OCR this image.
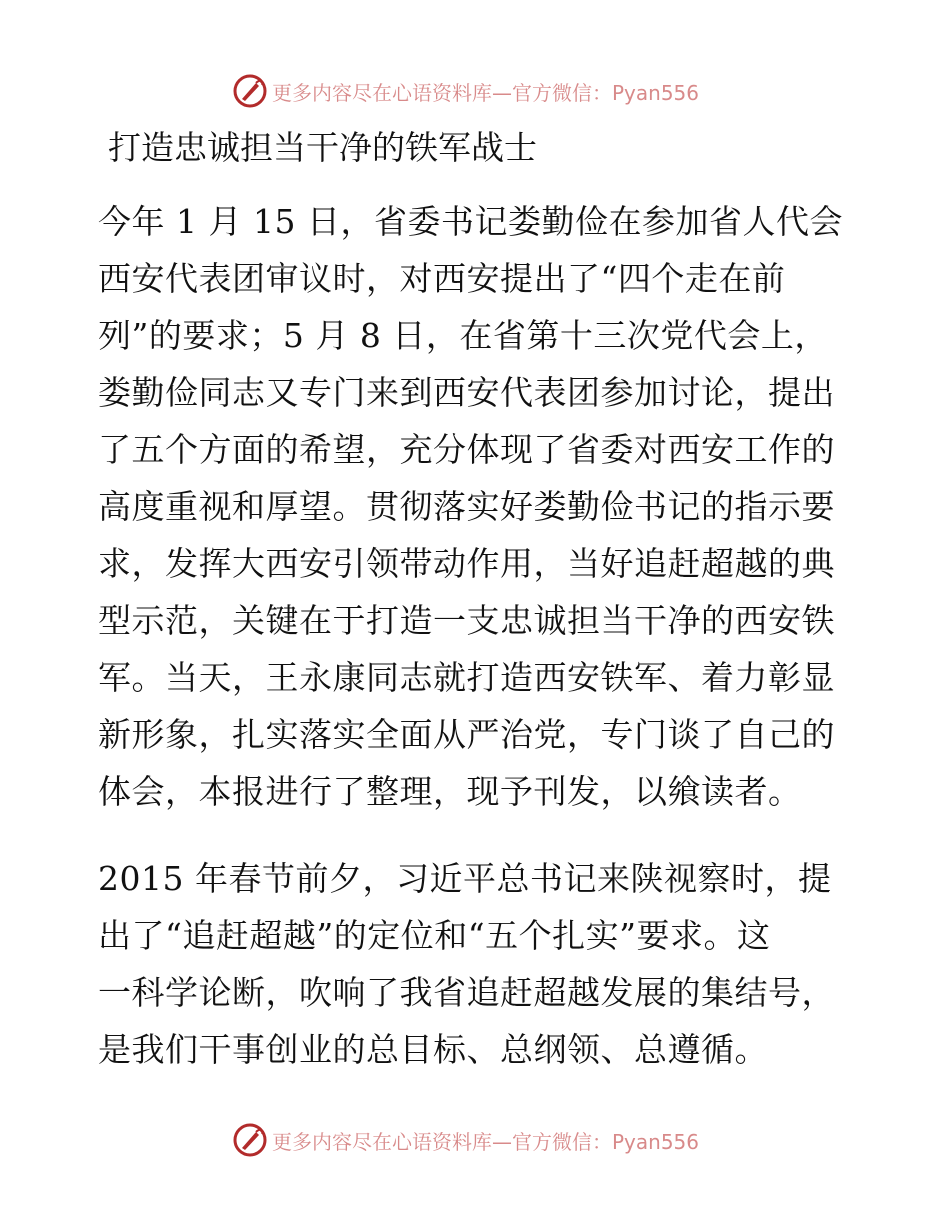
更多内容尽在心语资料库—官方微信：Pyan556
打造忠诚担当干净的铁军战士

今年 1 月 15 日，省委书记娄勤俭在参加省人代会
西安代表团审议时，对西安提出了“四个走在前
列”的要求；5 月 8 日，在省第十三次党代会上，
娄勤俭同志又专门来到西安代表团参加讨论，提出
了五个方面的希望，充分体现了省委对西安工作的
高度重视和厚望。贯彻落实好娄勤俭书记的指示要
求，发挥大西安引领带动作用，当好追赶超越的典
型示范，关键在于打造一支忠诚担当干净的西安铁
军。当天，王永康同志就打造西安铁军、着力彰显
新形象，扎实落实全面从严治党，专门谈了自己的
体会，本报进行了整理，现予刊发，以飨读者。

2015 年春节前夕，习近平总书记来陕视察时，提
出了“追赶超越”的定位和“五个扎实”要求。这
一科学论断，吹响了我省追赶超越发展的集结号，
是我们干事创业的总目标、总纲领、总遵循。

更多内容尽在心语资料库—官方微信：Pyan556
